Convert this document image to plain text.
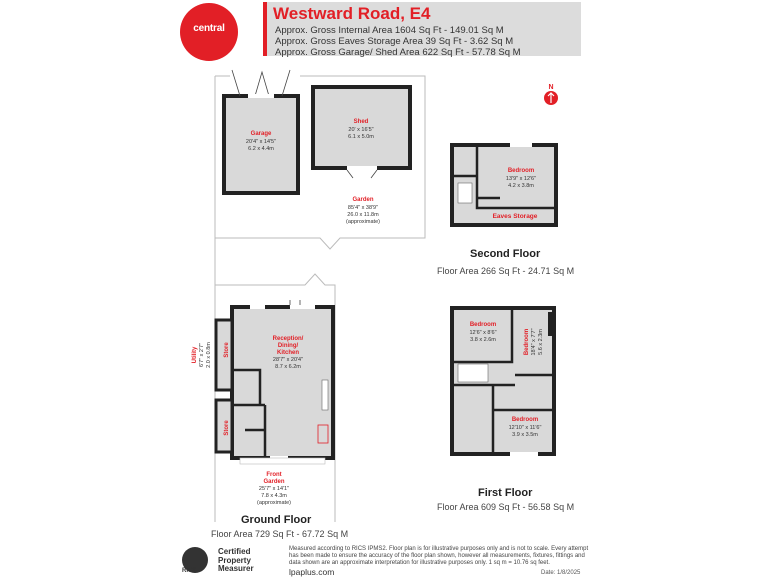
central
Westward Road, E4
Approx. Gross Internal Area 1604 Sq Ft - 149.01 Sq M
Approx. Gross Eaves Storage Area 39 Sq Ft - 3.62 Sq M
Approx. Gross Garage/ Shed Area 622 Sq Ft - 57.78 Sq M
Garage
20'4" x 14'5"
6.2 x 4.4m
Shed
20' x 16'5"
6.1 x 5.0m
Garden
85'4" x 38'9"
26.0 x 11.8m
(approximate)
Utility 6'7" x 2'7" 2.0 x 0.8m Store
Store
Reception/
Dining/
Kitchen
28'7" x 20'4"
8.7 x 6.2m
Front
Garden
25'7" x 14'1"
7.8 x 4.3m
(approximate)
Bedroom
13'9" x 12'6"
4.2 x 3.8m
Eaves Storage
Bedroom
12'6" x 8'6"
3.8 x 2.6m	Bedroom 18'4" x 7'7" 5.6 x 2.3m
Bedroom
12'10" x 11'6"
3.9 x 3.5m
N
Second Floor
Floor Area 266 Sq Ft - 24.71 Sq M
First Floor
Floor Area 609 Sq Ft - 56.58 Sq M
Ground Floor
Floor Area 729 Sq Ft - 67.72 Sq M
Certified
Property
Measurer
RICS
Measured according to RICS IPMS2. Floor plan is for illustrative purposes only and is not to scale. Every attempt has been made to ensure the accuracy of the floor plan shown, however all measurements, fixtures, fittings and data shown are an approximate interpretation for illustrative purposes only. 1 sq m = 10.76 sq feet.
lpaplus.com	Date: 1/8/2025
